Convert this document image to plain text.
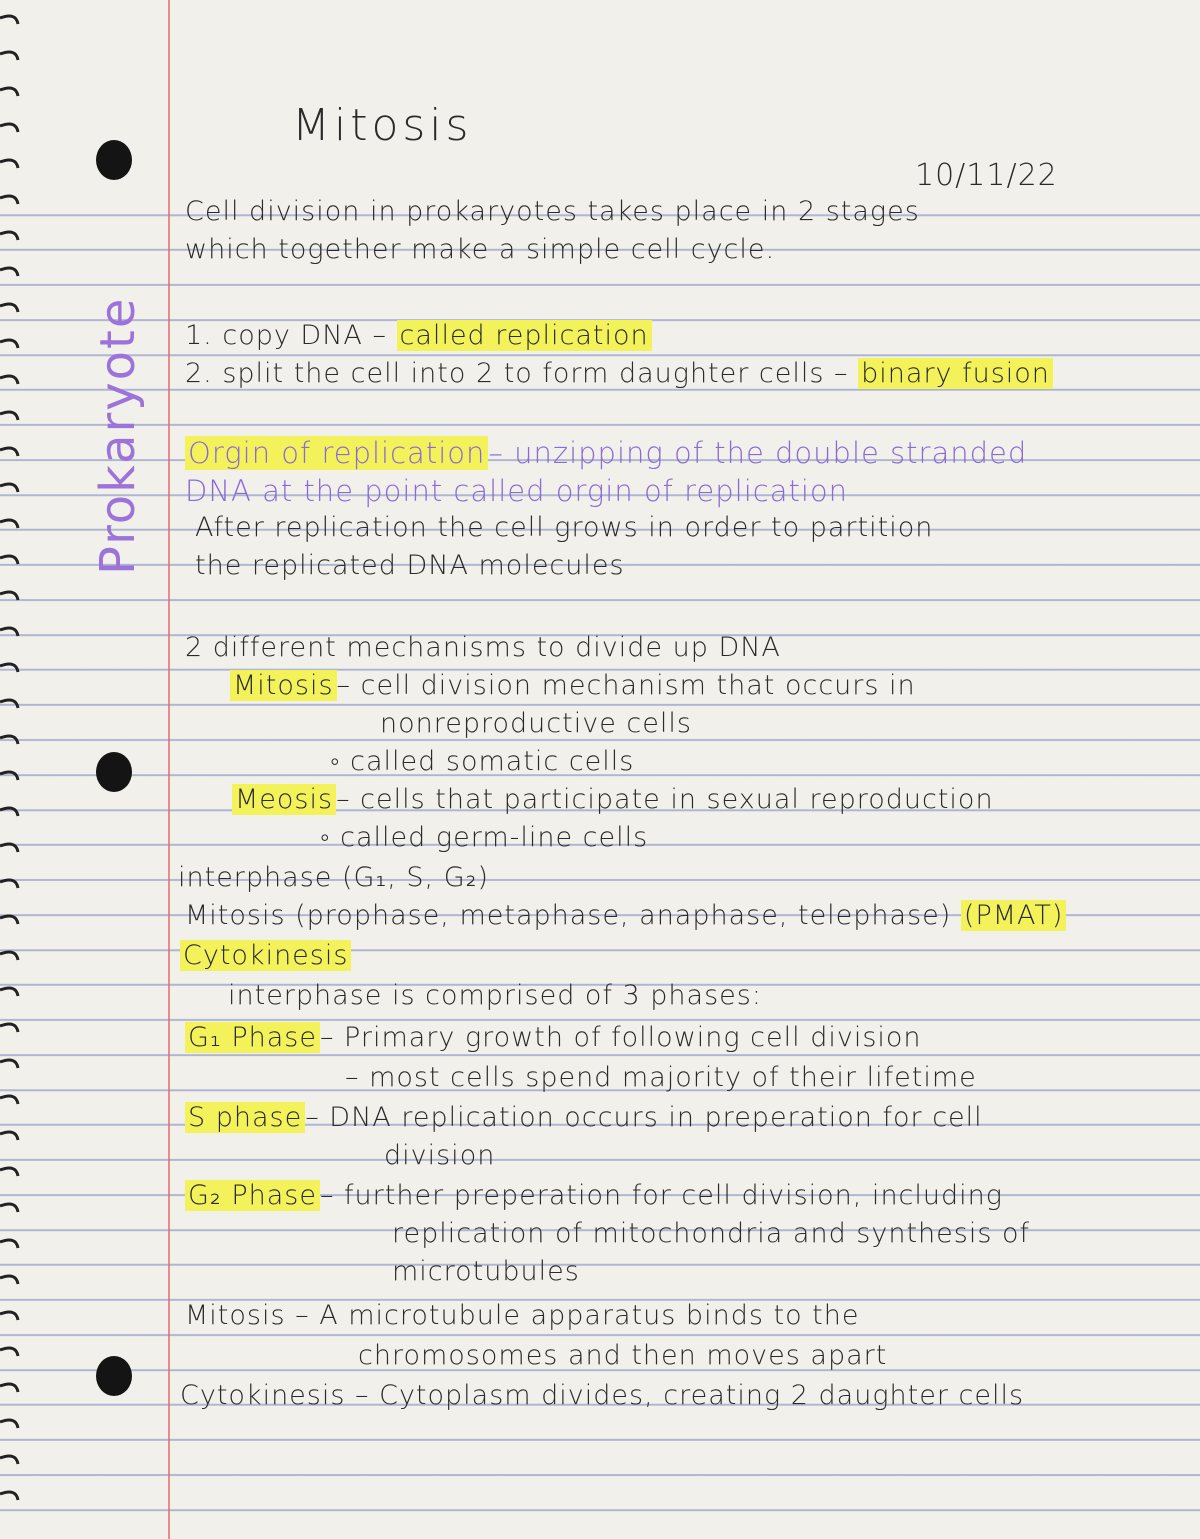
Prokaryote
Mitosis
10/11/22
Cell division in prokaryotes takes place in 2 stages
which together make a simple cell cycle.
1. copy DNA – called replication
2. split the cell into 2 to form daughter cells – binary fusion
Orgin of replication – unzipping of the double stranded
DNA at the point called orgin of replication
After replication the cell grows in order to partition
the replicated DNA molecules
2 different mechanisms to divide up DNA
Mitosis – cell division mechanism that occurs in
nonreproductive cells
◦ called somatic cells
Meosis – cells that participate in sexual reproduction
◦ called germ-line cells
interphase (G₁, S, G₂)
Mitosis (prophase, metaphase, anaphase, telephase) (PMAT)
Cytokinesis
interphase is comprised of 3 phases:
G₁ Phase – Primary growth of following cell division
– most cells spend majority of their lifetime
S phase – DNA replication occurs in preperation for cell
division
G₂ Phase – further preperation for cell division, including
replication of mitochondria and synthesis of
microtubules
Mitosis – A microtubule apparatus binds to the
chromosomes and then moves apart
Cytokinesis – Cytoplasm divides, creating 2 daughter cells
